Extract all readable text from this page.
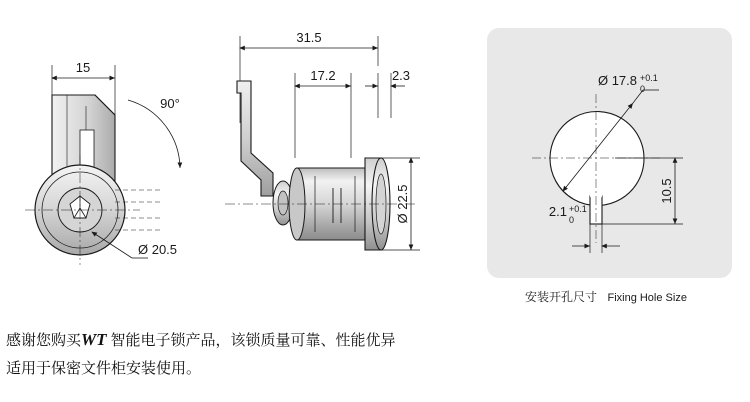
15
90°
Ø 20.5
31.5
17.2	2.3
Ø 22.5
Ø 17.8 +0.1
0
10.5
2.1 +0.1
0
安装开孔尺寸 Fixing Hole Size
感谢您购买WT 智能电子锁产品，该锁质量可靠、性能优异
适用于保密文件柜安装使用。
